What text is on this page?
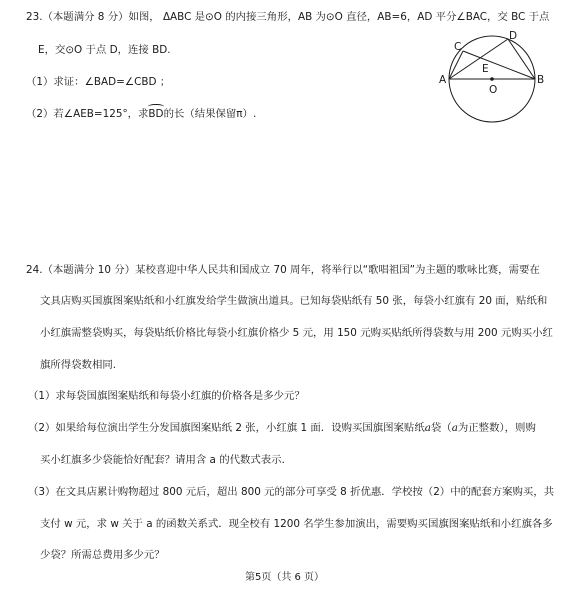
23.（本题满分 8 分）如图， ΔABC 是⊙O 的内接三角形，AB 为⊙O 直径，AB=6，AD 平分∠BAC，交 BC 于点
E，交⊙O 于点 D，连接 BD.
（1）求证：∠BAD=∠CBD ；
（2）若∠AEB=125°，求BD的长（结果保留π）.
A	B
C
D
E
O
24.（本题满分 10 分）某校喜迎中华人民共和国成立 70 周年，将举行以“歌唱祖国”为主题的歌咏比赛，需要在
文具店购买国旗图案贴纸和小红旗发给学生做演出道具。已知每袋贴纸有 50 张，每袋小红旗有 20 面，贴纸和
小红旗需整袋购买，每袋贴纸价格比每袋小红旗价格少 5 元，用 150 元购买贴纸所得袋数与用 200 元购买小红
旗所得袋数相同.
（1）求每袋国旗图案贴纸和每袋小红旗的价格各是多少元？
（2）如果给每位演出学生分发国旗图案贴纸 2 张，小红旗 1 面．设购买国旗图案贴纸a袋（a为正整数），则购
买小红旗多少袋能恰好配套？请用含 a 的代数式表示．
（3）在文具店累计购物超过 800 元后，超出 800 元的部分可享受 8 折优惠．学校按（2）中的配套方案购买，共
支付 w 元，求 w 关于 a 的函数关系式．现全校有 1200 名学生参加演出，需要购买国旗图案贴纸和小红旗各多
少袋？所需总费用多少元？
第5页（共 6 页）
